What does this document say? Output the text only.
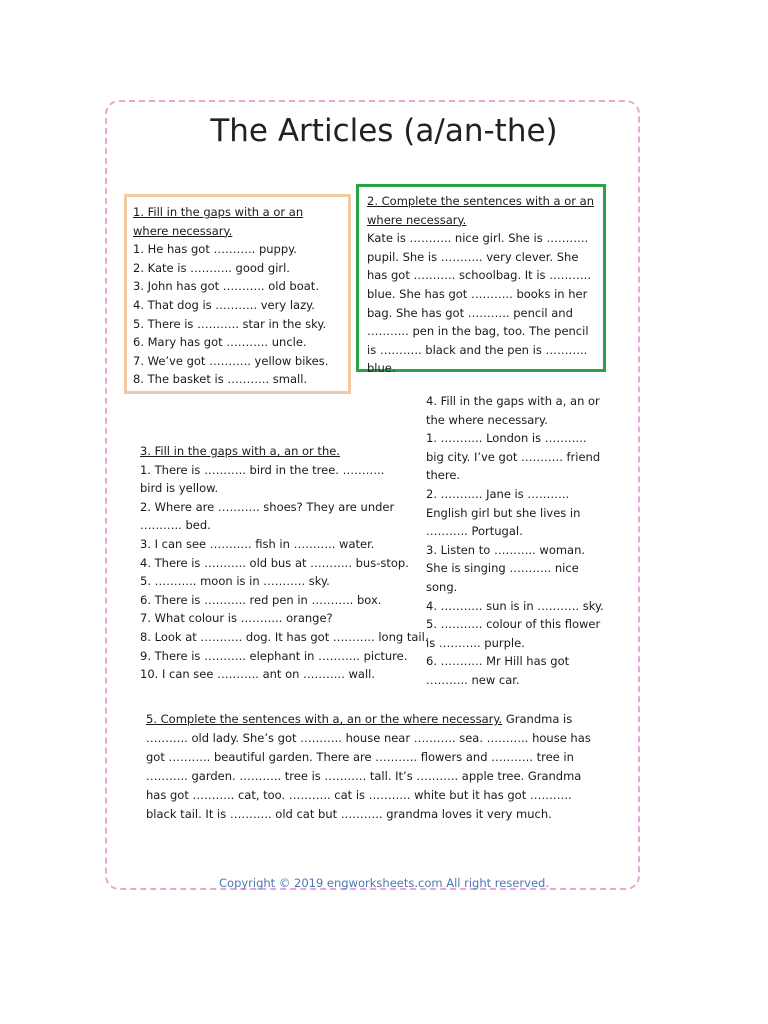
The Articles (a/an-the)
1. Fill in the gaps with a or an where necessary.
1. He has got ……….. puppy.
2. Kate is ……….. good girl.
3. John has got ……….. old boat.
4. That dog is ……….. very lazy.
5. There is ……….. star in the sky.
6. Mary has got ……….. uncle.
7. We’ve got ……….. yellow bikes.
8. The basket is ……….. small.
2. Complete the sentences with a or an where necessary.
Kate is ……….. nice girl. She is ……….. pupil. She is ……….. very clever. She has got ……….. schoolbag. It is ……….. blue. She has got ……….. books in her bag. She has got ……….. pencil and ……….. pen in the bag, too. The pencil is ……….. black and the pen is ……….. blue.
3. Fill in the gaps with a, an or the.
1. There is ……….. bird in the tree. ……….. bird is yellow.
2. Where are ……….. shoes? They are under ……….. bed.
3. I can see ……….. fish in ……….. water.
4. There is ……….. old bus at ……….. bus-stop.
5. ……….. moon is in ……….. sky.
6. There is ……….. red pen in ……….. box.
7. What colour is ……….. orange?
8. Look at ……….. dog. It has got ……….. long tail.
9. There is ……….. elephant in ……….. picture.
10. I can see ……….. ant on ……….. wall.
4. Fill in the gaps with a, an or the where necessary.
1. ……….. London is ……….. big city. I’ve got ……….. friend there.
2. ……….. Jane is ……….. English girl but she lives in ……….. Portugal.
3. Listen to ……….. woman. She is singing ……….. nice song.
4. ……….. sun is in ……….. sky.
5. ……….. colour of this flower is ……….. purple.
6. ……….. Mr Hill has got ……….. new car.
5. Complete the sentences with a, an or the where necessary. Grandma is ……….. old lady. She’s got ……….. house near ……….. sea. ……….. house has got ……….. beautiful garden. There are ……….. flowers and ……….. tree in ……….. garden. ……….. tree is ……….. tall. It’s ……….. apple tree. Grandma has got ……….. cat, too. ……….. cat is ……….. white but it has got ……….. black tail. It is ……….. old cat but ……….. grandma loves it very much.
Copyright © 2019 engworksheets.com All right reserved.
